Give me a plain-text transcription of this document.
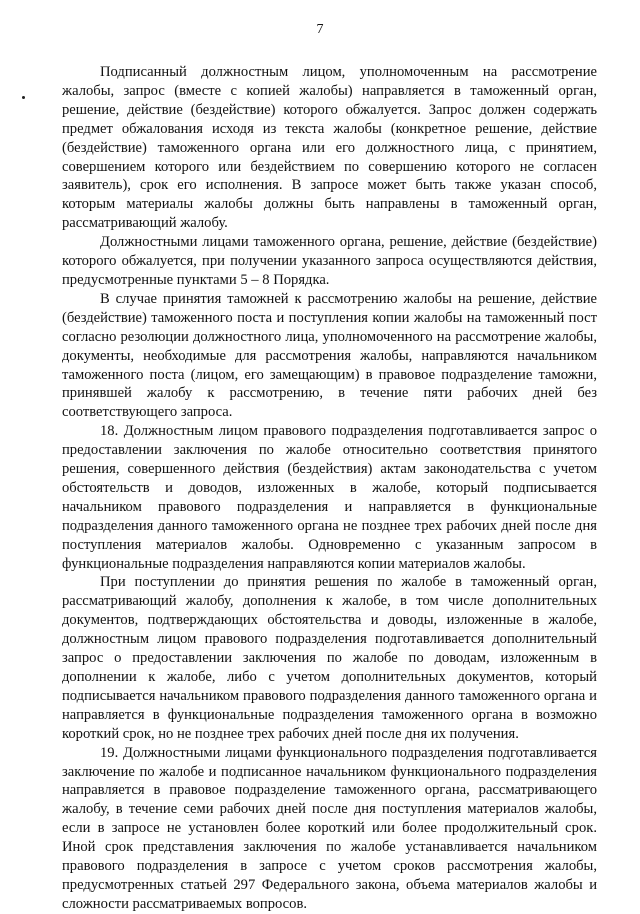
7

Подписанный должностным лицом, уполномоченным на рассмотрение жалобы, запрос (вместе с копией жалобы) направляется в таможенный орган, решение, действие (бездействие) которого обжалуется. Запрос должен содержать предмет обжалования исходя из текста жалобы (конкретное решение, действие (бездействие) таможенного органа или его должностного лица, с принятием, совершением которого или бездействием по совершению которого не согласен заявитель), срок его исполнения. В запросе может быть также указан способ, которым материалы жалобы должны быть направлены в таможенный орган, рассматривающий жалобу.

Должностными лицами таможенного органа, решение, действие (бездействие) которого обжалуется, при получении указанного запроса осуществляются действия, предусмотренные пунктами 5 – 8 Порядка.

В случае принятия таможней к рассмотрению жалобы на решение, действие (бездействие) таможенного поста и поступления копии жалобы на таможенный пост согласно резолюции должностного лица, уполномоченного на рассмотрение жалобы, документы, необходимые для рассмотрения жалобы, направляются начальником таможенного поста (лицом, его замещающим) в правовое подразделение таможни, принявшей жалобу к рассмотрению, в течение пяти рабочих дней без соответствующего запроса.

18. Должностным лицом правового подразделения подготавливается запрос о предоставлении заключения по жалобе относительно соответствия принятого решения, совершенного действия (бездействия) актам законодательства с учетом обстоятельств и доводов, изложенных в жалобе, который подписывается начальником правового подразделения и направляется в функциональные подразделения данного таможенного органа не позднее трех рабочих дней после дня поступления материалов жалобы. Одновременно с указанным запросом в функциональные подразделения направляются копии материалов жалобы.

При поступлении до принятия решения по жалобе в таможенный орган, рассматривающий жалобу, дополнения к жалобе, в том числе дополнительных документов, подтверждающих обстоятельства и доводы, изложенные в жалобе, должностным лицом правового подразделения подготавливается дополнительный запрос о предоставлении заключения по жалобе по доводам, изложенным в дополнении к жалобе, либо с учетом дополнительных документов, который подписывается начальником правового подразделения данного таможенного органа и направляется в функциональные подразделения таможенного органа в возможно короткий срок, но не позднее трех рабочих дней после дня их получения.

19. Должностными лицами функционального подразделения подготавливается заключение по жалобе и подписанное начальником функционального подразделения направляется в правовое подразделение таможенного органа, рассматривающего жалобу, в течение семи рабочих дней после дня поступления материалов жалобы, если в запросе не установлен более короткий или более продолжительный срок. Иной срок представления заключения по жалобе устанавливается начальником правового подразделения в запросе с учетом сроков рассмотрения жалобы, предусмотренных статьей 297 Федерального закона, объема материалов жалобы и сложности рассматриваемых вопросов.
